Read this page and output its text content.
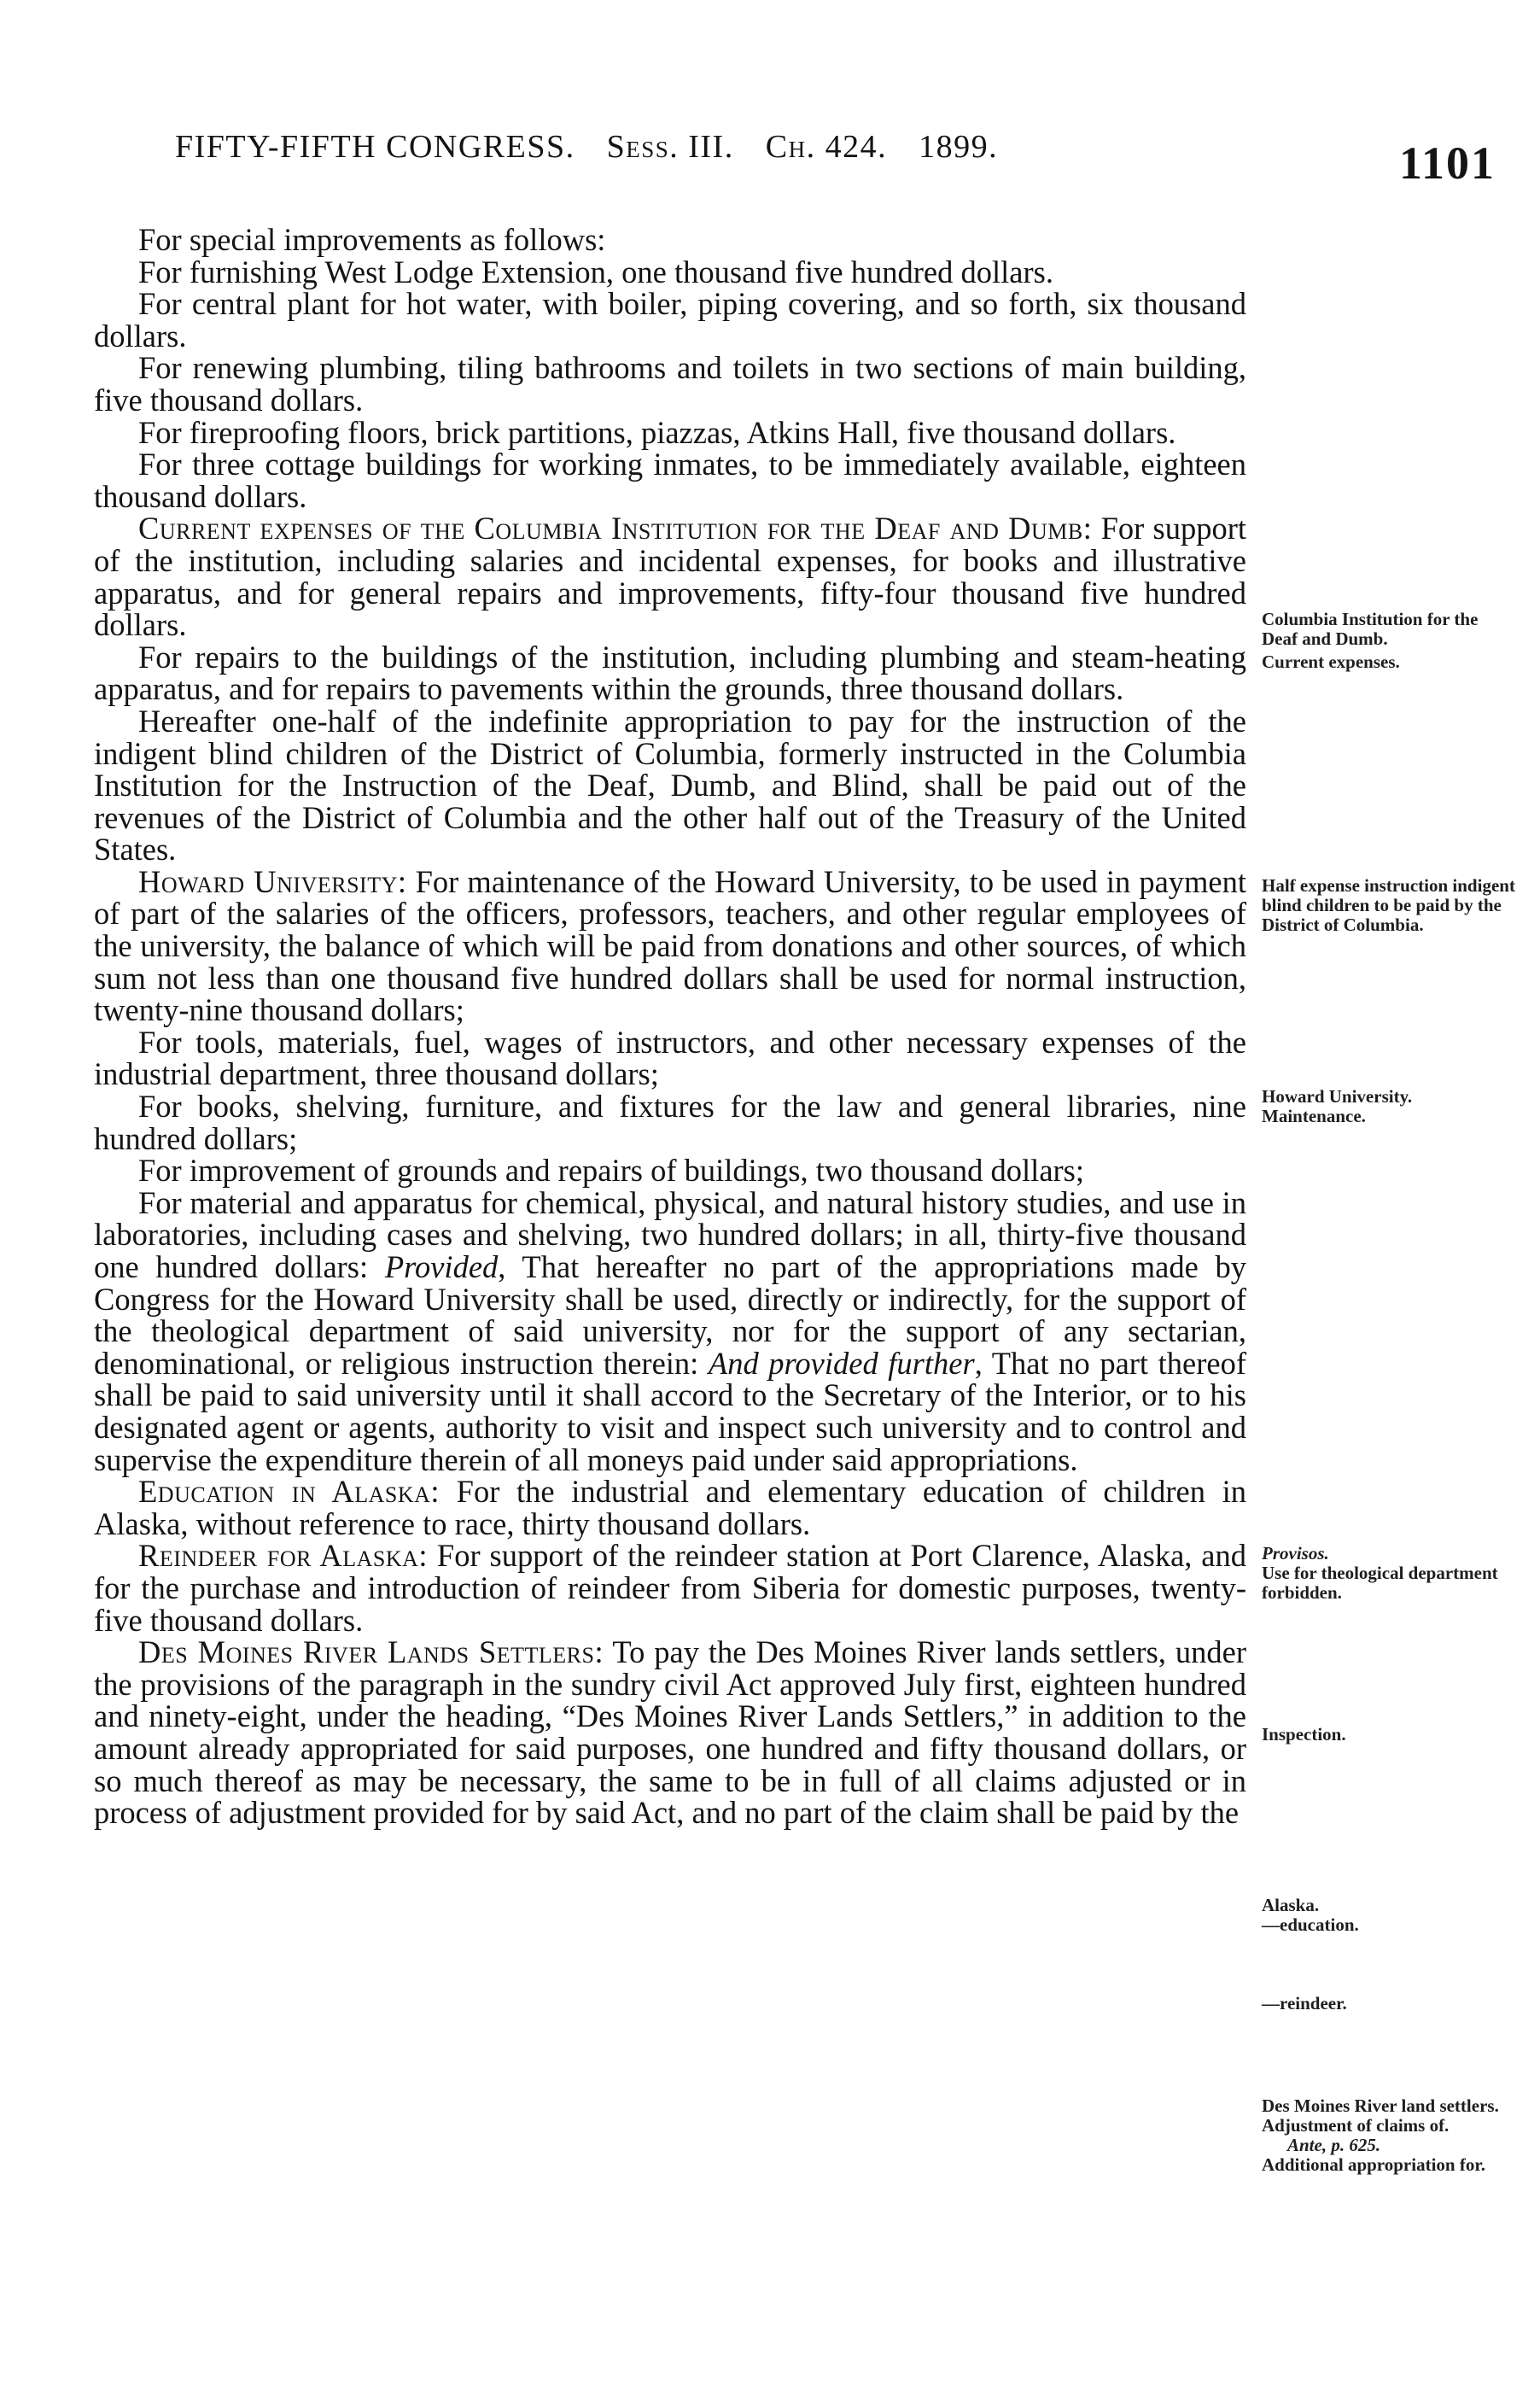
FIFTY-FIFTH CONGRESS. Sess. III. Ch. 424. 1899.	1101

For special improvements as follows:

For furnishing West Lodge Extension, one thousand five hundred dollars.

For central plant for hot water, with boiler, piping covering, and so forth, six thousand dollars.

For renewing plumbing, tiling bathrooms and toilets in two sections of main building, five thousand dollars.

For fireproofing floors, brick partitions, piazzas, Atkins Hall, five thousand dollars.

For three cottage buildings for working inmates, to be immediately available, eighteen thousand dollars.

Current expenses of the Columbia Institution for the Deaf and Dumb: For support of the institution, including salaries and incidental expenses, for books and illustrative apparatus, and for general repairs and improvements, fifty-four thousand five hundred dollars.

For repairs to the buildings of the institution, including plumbing and steam-heating apparatus, and for repairs to pavements within the grounds, three thousand dollars.

Hereafter one-half of the indefinite appropriation to pay for the instruction of the indigent blind children of the District of Columbia, formerly instructed in the Columbia Institution for the Instruction of the Deaf, Dumb, and Blind, shall be paid out of the revenues of the District of Columbia and the other half out of the Treasury of the United States.

Howard University: For maintenance of the Howard University, to be used in payment of part of the salaries of the officers, professors, teachers, and other regular employees of the university, the balance of which will be paid from donations and other sources, of which sum not less than one thousand five hundred dollars shall be used for normal instruction, twenty-nine thousand dollars;

For tools, materials, fuel, wages of instructors, and other necessary expenses of the industrial department, three thousand dollars;

For books, shelving, furniture, and fixtures for the law and general libraries, nine hundred dollars;

For improvement of grounds and repairs of buildings, two thousand dollars;

For material and apparatus for chemical, physical, and natural history studies, and use in laboratories, including cases and shelving, two hundred dollars; in all, thirty-five thousand one hundred dollars: Provided, That hereafter no part of the appropriations made by Congress for the Howard University shall be used, directly or indirectly, for the support of the theological department of said university, nor for the support of any sectarian, denominational, or religious instruction therein: And provided further, That no part thereof shall be paid to said university until it shall accord to the Secretary of the Interior, or to his designated agent or agents, authority to visit and inspect such university and to control and supervise the expenditure therein of all moneys paid under said appropriations.

Education in Alaska: For the industrial and elementary education of children in Alaska, without reference to race, thirty thousand dollars.

Reindeer for Alaska: For support of the reindeer station at Port Clarence, Alaska, and for the purchase and introduction of reindeer from Siberia for domestic purposes, twenty-five thousand dollars.

Des Moines River Lands Settlers: To pay the Des Moines River lands settlers, under the provisions of the paragraph in the sundry civil Act approved July first, eighteen hundred and ninety-eight, under the heading, “Des Moines River Lands Settlers,” in addition to the amount already appropriated for said purposes, one hundred and fifty thousand dollars, or so much thereof as may be necessary, the same to be in full of all claims adjusted or in process of adjustment provided for by said Act, and no part of the claim shall be paid by the

Columbia Institution for the Deaf and Dumb.
Current expenses.
Half expense instruction indigent blind children to be paid by the District of Columbia.
Howard University.
Maintenance.
Provisos.
Use for theological department forbidden.
Inspection.
Alaska.
—education.
—reindeer.
Des Moines River land settlers.
Adjustment of claims of.
Ante, p. 625.
Additional appropriation for.
